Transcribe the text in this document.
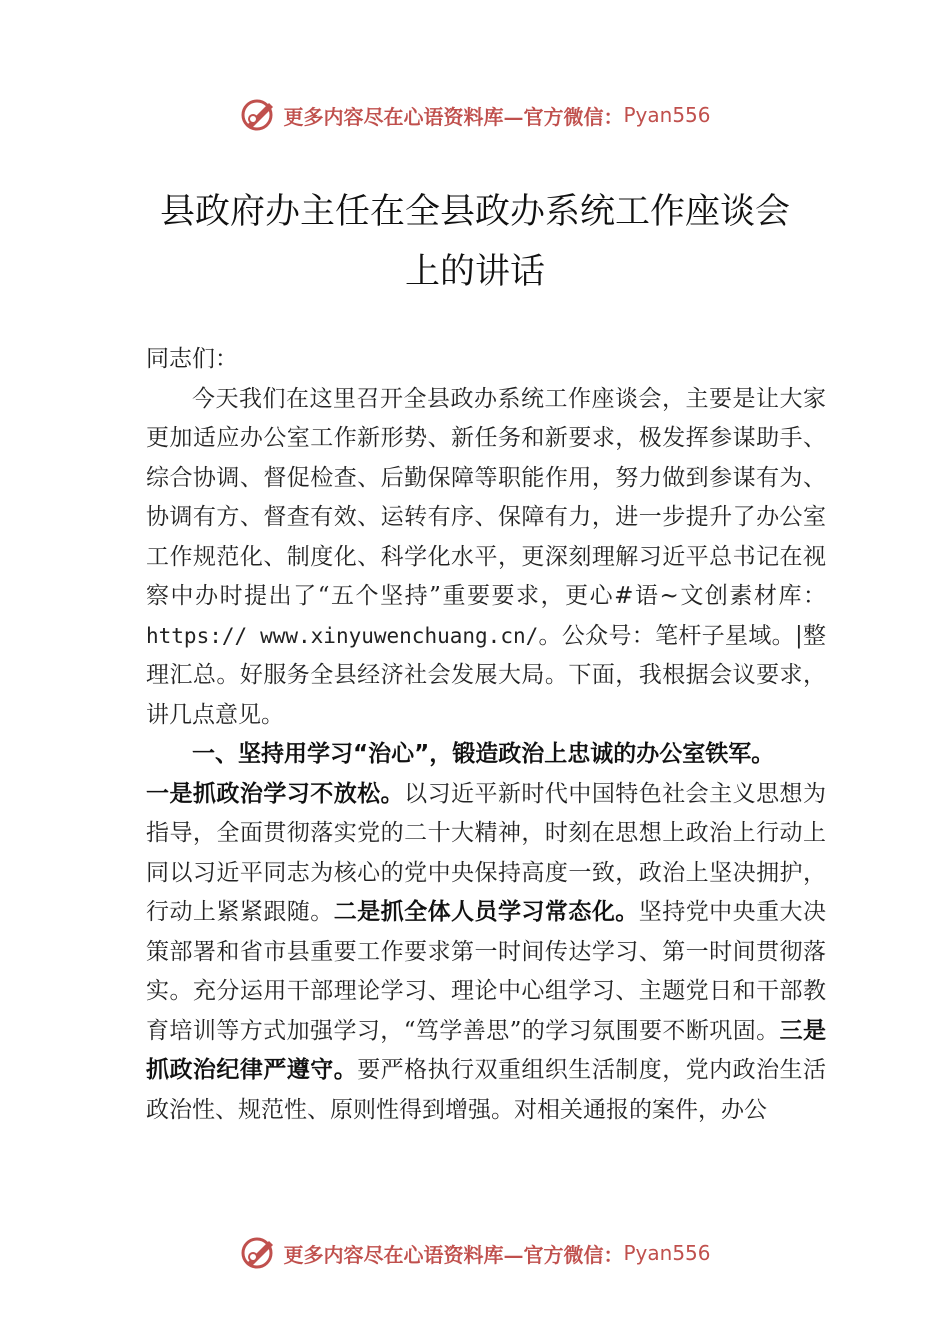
更多内容尽在心语资料库—官方微信： Pyan556
县政府办主任在全县政办系统工作座谈会
上的讲话

同志们：

今天我们在这里召开全县政办系统工作座谈会，主要是让大家更加适应办公室工作新形势、新任务和新要求，极发挥参谋助手、综合协调、督促检查、后勤保障等职能作用，努力做到参谋有为、协调有方、督查有效、运转有序、保障有力，进一步提升了办公室工作规范化、制度化、科学化水平，更深刻理解习近平总书记在视察中办时提出了“五个坚持”重要要求，更心#语~文创素材库：https:// www.xinyuwenchuang.cn/。公众号：笔杆子星域。|整理汇总。好服务全县经济社会发展大局。下面，我根据会议要求，讲几点意见。

一、坚持用学习“治心”，锻造政治上忠诚的办公室铁军。

一是抓政治学习不放松。以习近平新时代中国特色社会主义思想为指导，全面贯彻落实党的二十大精神，时刻在思想上政治上行动上同以习近平同志为核心的党中央保持高度一致，政治上坚决拥护，行动上紧紧跟随。二是抓全体人员学习常态化。坚持党中央重大决策部署和省市县重要工作要求第一时间传达学习、第一时间贯彻落实。充分运用干部理论学习、理论中心组学习、主题党日和干部教育培训等方式加强学习，“笃学善思”的学习氛围要不断巩固。三是抓政治纪律严遵守。要严格执行双重组织生活制度，党内政治生活政治性、规范性、原则性得到增强。对相关通报的案件，办公

更多内容尽在心语资料库—官方微信： Pyan556
